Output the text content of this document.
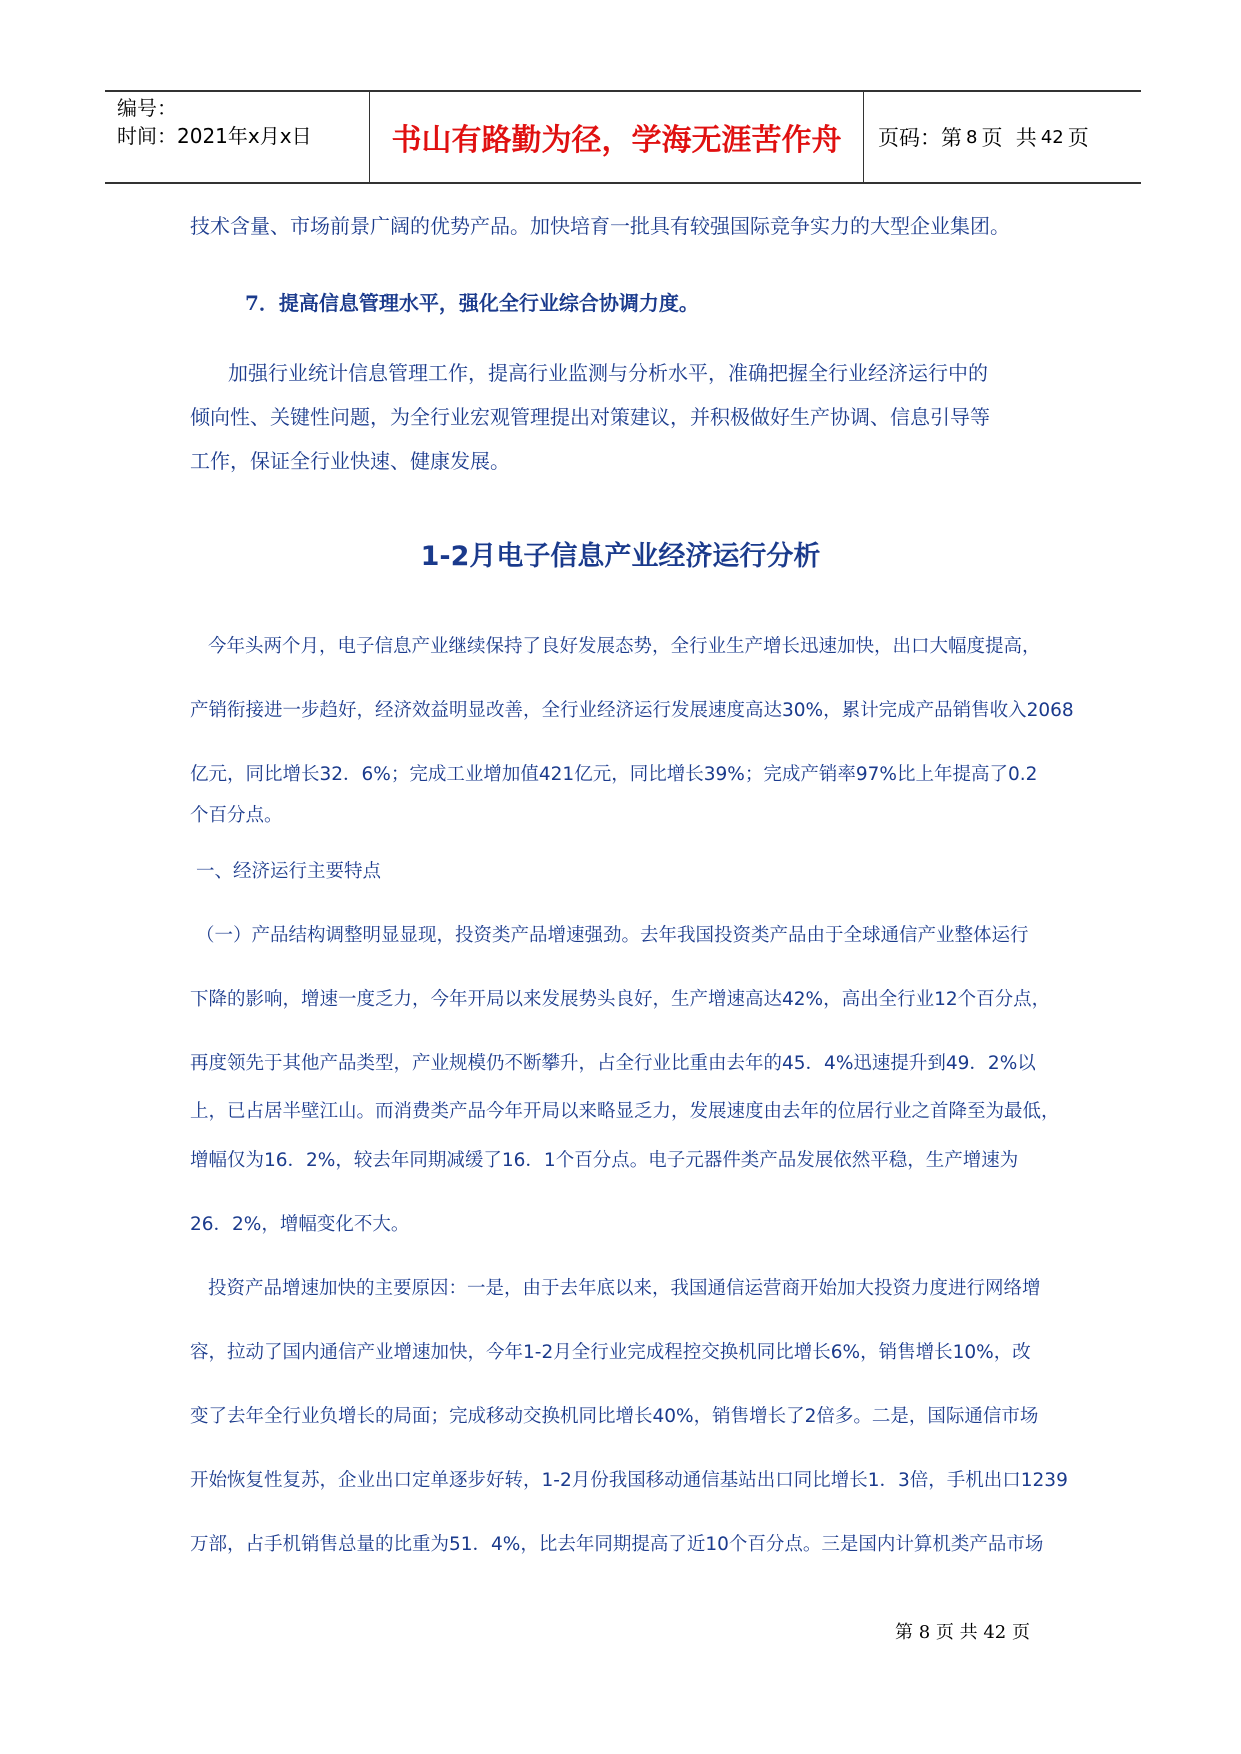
编号：
时间：2021年x月x日	书山有路勤为径，学海无涯苦作舟 页码：第 8 页  共 42 页
技术含量、市场前景广阔的优势产品。加快培育一批具有较强国际竞争实力的大型企业集团。
7．提高信息管理水平，强化全行业综合协调力度。
加强行业统计信息管理工作，提高行业监测与分析水平，准确把握全行业经济运行中的
倾向性、关键性问题，为全行业宏观管理提出对策建议，并积极做好生产协调、信息引导等
工作，保证全行业快速、健康发展。
1-2月电子信息产业经济运行分析
今年头两个月，电子信息产业继续保持了良好发展态势，全行业生产增长迅速加快，出口大幅度提高，
产销衔接进一步趋好，经济效益明显改善，全行业经济运行发展速度高达30%，累计完成产品销售收入2068
亿元，同比增长32．6%；完成工业增加值421亿元，同比增长39%；完成产销率97%比上年提高了0.2
个百分点。
一、经济运行主要特点
（一）产品结构调整明显显现，投资类产品增速强劲。去年我国投资类产品由于全球通信产业整体运行
下降的影响，增速一度乏力，今年开局以来发展势头良好，生产增速高达42%，高出全行业12个百分点，
再度领先于其他产品类型，产业规模仍不断攀升，占全行业比重由去年的45．4%迅速提升到49．2%以
上，已占居半壁江山。而消费类产品今年开局以来略显乏力，发展速度由去年的位居行业之首降至为最低，
增幅仅为16．2%，较去年同期减缓了16．1个百分点。电子元器件类产品发展依然平稳，生产增速为
26．2%，增幅变化不大。
投资产品增速加快的主要原因：一是，由于去年底以来，我国通信运营商开始加大投资力度进行网络增
容，拉动了国内通信产业增速加快，今年1-2月全行业完成程控交换机同比增长6%，销售增长10%，改
变了去年全行业负增长的局面；完成移动交换机同比增长40%，销售增长了2倍多。二是，国际通信市场
开始恢复性复苏，企业出口定单逐步好转，1-2月份我国移动通信基站出口同比增长1．3倍，手机出口1239
万部，占手机销售总量的比重为51．4%，比去年同期提高了近10个百分点。三是国内计算机类产品市场
第 8 页 共 42 页
